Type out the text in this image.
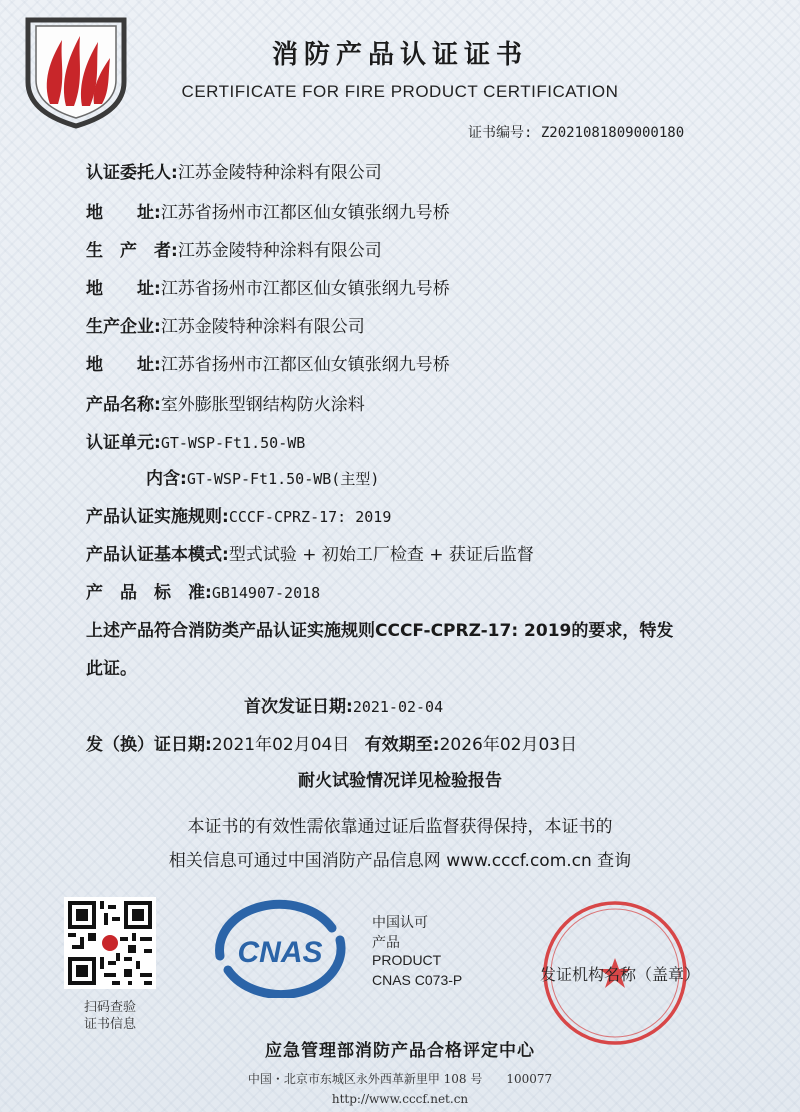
消防产品认证证书
CERTIFICATE FOR FIRE PRODUCT CERTIFICATION
证书编号: Z2021081809000180
认证委托人:江苏金陵特种涂料有限公司
地　　址:江苏省扬州市江都区仙女镇张纲九号桥
生　产　者:江苏金陵特种涂料有限公司
地　　址:江苏省扬州市江都区仙女镇张纲九号桥
生产企业:江苏金陵特种涂料有限公司
地　　址:江苏省扬州市江都区仙女镇张纲九号桥
产品名称:室外膨胀型钢结构防火涂料
认证单元:GT-WSP-Ft1.50-WB
内含:GT-WSP-Ft1.50-WB(主型)
产品认证实施规则:CCCF-CPRZ-17: 2019
产品认证基本模式:型式试验 + 初始工厂检查 + 获证后监督
产　品　标　准:GB14907-2018
上述产品符合消防类产品认证实施规则CCCF-CPRZ-17: 2019的要求，特发
此证。
首次发证日期:2021-02-04
发（换）证日期:2021年02月04日 有效期至:2026年02月03日
耐火试验情况详见检验报告
本证书的有效性需依靠通过证后监督获得保持，本证书的
相关信息可通过中国消防产品信息网 www.cccf.com.cn 查询
扫码查验
证书信息
CNAS
中国认可
产品
PRODUCT
CNAS C073-P	发证机构名称（盖章）
应急管理部消防产品合格评定中心
中国・北京市东城区永外西革新里甲 108 号　　100077
http://www.cccf.net.cn
